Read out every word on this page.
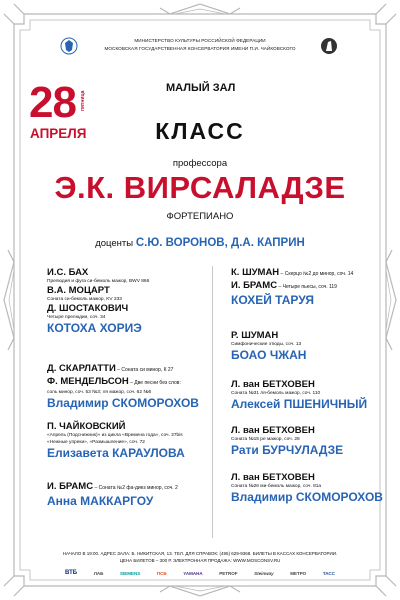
МИНИСТЕРСТВО КУЛЬТУРЫ РОССИЙСКОЙ ФЕДЕРАЦИИ
МОСКОВСКАЯ ГОСУДАРСТВЕННАЯ КОНСЕРВАТОРИЯ ИМЕНИ П.И. ЧАЙКОВСКОГО
28 пятница
АПРЕЛЯ
МАЛЫЙ ЗАЛ
КЛАСС
профессора
Э.К. ВИРСАЛАДЗЕ
ФОРТЕПИАНО
доценты С.Ю. ВОРОНОВ, Д.А. КАПРИН
И.С. БАХ
Прелюдия и фуга си-бемоль мажор, BWV 866
В.А. МОЦАРТ
Соната си-бемоль мажор, KV 333
Д. ШОСТАКОВИЧ
Четыре прелюдии, соч. 34
КОТОХА ХОРИЭ
Д. СКАРЛАТТИ – Соната си минор, К 27
Ф. МЕНДЕЛЬСОН – Две песни без слов:
соль минор, соч. 53 №3; ля мажор, соч. 62 №6
Владимир СКОМОРОХОВ
П. ЧАЙКОВСКИЙ
«Апрель (Подснежник)» из цикла «Времена года», соч. 37bis
«Нежные упреки», «Размышление», соч. 72
Елизавета КАРАУЛОВА
И. БРАМС – Соната №2 фа-диез минор, соч. 2
Анна МАККАРГОУ
К. ШУМАН – Скерцо №2 до минор, соч. 14
И. БРАМС – Четыре пьесы, соч. 119
КОХЕЙ ТАРУЯ
Р. ШУМАН
Симфонические этюды, соч. 13
БОАО ЧЖАН
Л. ван БЕТХОВЕН
Соната №31 ля-бемоль мажор, соч. 110
Алексей ПШЕНИЧНЫЙ
Л. ван БЕТХОВЕН
Соната №15 ре мажор, соч. 28
Рати БУРЧУЛАДЗЕ
Л. ван БЕТХОВЕН
Соната №26 ми-бемоль мажор, соч. 81а
Владимир СКОМОРОХОВ
НАЧАЛО В 19:00. АДРЕС ЗАЛА: Б. НИКИТСКАЯ, 13. ТЕЛ. ДЛЯ СПРАВОК: (495) 629-9368. БИЛЕТЫ В КАССАХ КОНСЕРВАТОРИИ.
ЦЕНА БИЛЕТОВ – 300 Р. ЭЛЕКТРОННАЯ ПРОДАЖА: WWW.MOSCONSV.RU
ВТБ	ЛАБ	SIEMENS	ПСБ	YAMAHA	PETROF	Steinway	МЕТРО	ТАСС
